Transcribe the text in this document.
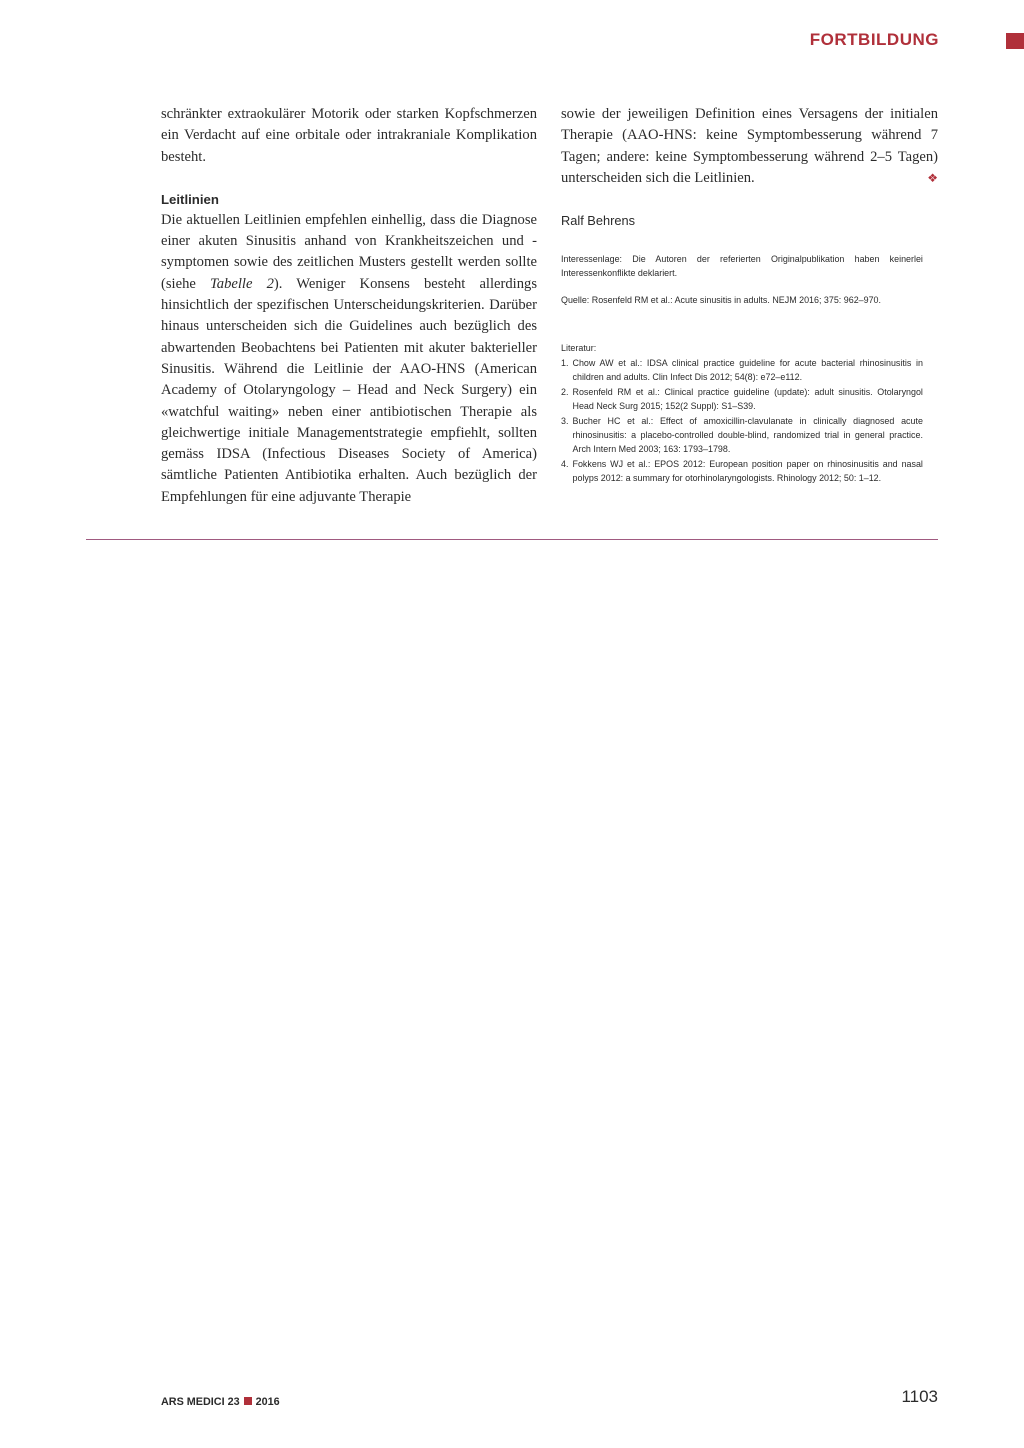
FORTBILDUNG

schränkter extraokulärer Motorik oder starken Kopfschmerzen ein Verdacht auf eine orbitale oder intrakraniale Komplikation besteht.

Leitlinien

Die aktuellen Leitlinien empfehlen einhellig, dass die Diagnose einer akuten Sinusitis anhand von Krankheitszeichen und -symptomen sowie des zeitlichen Musters gestellt werden sollte (siehe Tabelle 2). Weniger Konsens besteht allerdings hinsichtlich der spezifischen Unterscheidungskriterien. Darüber hinaus unterscheiden sich die Guidelines auch bezüglich des abwartenden Beobachtens bei Patienten mit akuter bakterieller Sinusitis. Während die Leitlinie der AAO-HNS (American Academy of Otolaryngology – Head and Neck Surgery) ein «watchful waiting» neben einer antibiotischen Therapie als gleichwertige initiale Managementstrategie empfiehlt, sollten gemäss IDSA (Infectious Diseases Society of America) sämtliche Patienten Antibiotika erhalten. Auch bezüglich der Empfehlungen für eine adjuvante Therapie

sowie der jeweiligen Definition eines Versagens der initialen Therapie (AAO-HNS: keine Symptombesserung während 7 Tagen; andere: keine Symptombesserung während 2–5 Tagen) unterscheiden sich die Leitlinien.	❖

Ralf Behrens
Interessenlage: Die Autoren der referierten Originalpublikation haben keinerlei Interessenkonflikte deklariert.
Quelle: Rosenfeld RM et al.: Acute sinusitis in adults. NEJM 2016; 375: 962–970.
Literatur:
1. Chow AW et al.: IDSA clinical practice guideline for acute bacterial rhinosinusitis in children and adults. Clin Infect Dis 2012; 54(8): e72–e112.
2. Rosenfeld RM et al.: Clinical practice guideline (update): adult sinusitis. Otolaryngol Head Neck Surg 2015; 152(2 Suppl): S1–S39.
3. Bucher HC et al.: Effect of amoxicillin-clavulanate in clinically diagnosed acute rhinosinusitis: a placebo-controlled double-blind, randomized trial in general practice. Arch Intern Med 2003; 163: 1793–1798.
4. Fokkens WJ et al.: EPOS 2012: European position paper on rhinosinusitis and nasal polyps 2012: a summary for otorhinolaryngologists. Rhinology 2012; 50: 1–12.
ARS MEDICI 23 2016	1103
